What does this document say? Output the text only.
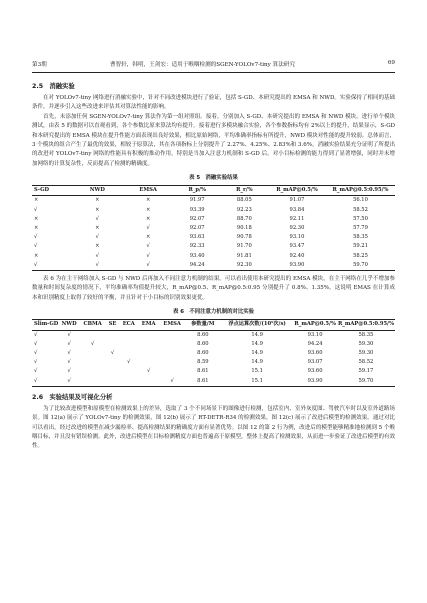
第3期	曹智轩，韩明，王剑宏：适用于喉咽检测的SGEN-YOLOv7-tiny 算法研究	69
2.5　消融实验

　　在对 YOLOv7-tiny 网络进行消融实验中，针对不同改进模块进行了验证，包括 S-GD、本研究提出的 EMSA 和 NWD。实验保持了相同的基础条件，并逐步引入这些改进来评估其对算法性能的影响。

　　首先，未添加任何 SGEN-YOLOv7-tiny 算法作为第一组对照组。接着，分别加入 S-GD、本研究提出的 EMSA 和 NWD 模块，进行单个模块测试，由表 5 的数据可以直观看到，各个参数比原来算法均有提升。接着进行多模块融合实验，各个参数指标均有 2%以上的提升，结果显示，S-GD 和本研究提出的 EMSA 模块在提升性能方面表现出良好效果，相比原始网络，平均准确率指标有所提升，NWD 模块对性能的提升较弱。总体而言，3 个模块的组合产生了最优的效果，相较于原算法，其在各项指标上分别提升了 2.27%、4.25%、2.83%和 3.6%。消融实验结果充分证明了所提出的改进对 YOLOv7-tiny 网络的性能具有积极的推动作用。特别是当加入注意力机制和 S-GD 后，对小目标检测的能力得到了显著增强，同时并未增加网络的计算复杂性，反而提高了检测的精确度。

表 5　消融实验结果
S-GD	NWD	EMSA	R_p/%	R_r/%	R_mAP@0.5/%	R_mAP@0.5:0.95/%
×	×	×	91.97	88.05	91.07	56.10
√	×	×	93.39	92.23	93.84	58.52
×	√	×	92.07	88.70	92.11	57.50
×	×	√	92.07	90.18	92.30	57.79
√	√	×	93.63	90.78	93.10	58.35
√	×	√	92.33	91.70	93.47	59.21
×	√	√	93.40	91.81	92.40	58.25
√	√	√	94.24	92.30	93.90	59.70

　　表 6 为在主干网络加入 S-GD 与 NWD 后再加入不同注意力机制的结果。可以看出使用本研究提出的 EMSA 模块，在主干网络在几乎不增加参数量和时间复杂度的情况下，平均准确率均值提升较大，R_mAP@0.5、R_mAP@0.5:0.95 分别提升了 0.8%、1.35%，这说明 EMAS 在计算成本和识别精度上取得了较好的平衡，并且针对于小目标的识别效果更优。

表 6　不同注意力机制的对比实验
Slim-GD	NWD	CBMA	SE	ECA	EMA	EMSA	参数量/M	浮点运算次数/(10⁹次/s)	R_mAP@0.5/%	R_mAP@0.5:0.95/%
√	√						8.60	14.9	93.10	58.35
√	√	√					8.60	14.9	94.24	59.30
√	√		√				8.60	14.9	93.60	59.30
√	√			√			8.59	14.9	93.07	58.52
√	√				√		8.61	15.1	93.60	59.17
√	√					√	8.61	15.1	93.90	59.70
2.6　实验结果及可视化分析

　　为了比较改进模型和原模型在检测效果上的差异，选取了 3 个不同场景下的图像进行检测，包括室内、室外灰度图、驾驶汽车时以及室外道路场景。图 12(a) 展示了 YOLOv7-tiny 的检测效果，图 12(b) 展示了 RT-DETR-R34 的检测效果，图 12(c) 展示了改进后模型的检测效果。通过对比可以看出，经过改进的模型在减少漏检率、提高检测结果的精确度方面有显著优势。以图 12 的第 2 行为例，改进后的模型能够精准地检测到 5 个喉咽目标，并且没有错误检测。此外，改进后模型在目标检测精度方面也普遍高于原模型，整体上提高了检测效果，从而进一步验证了改进后模型的有效性。
